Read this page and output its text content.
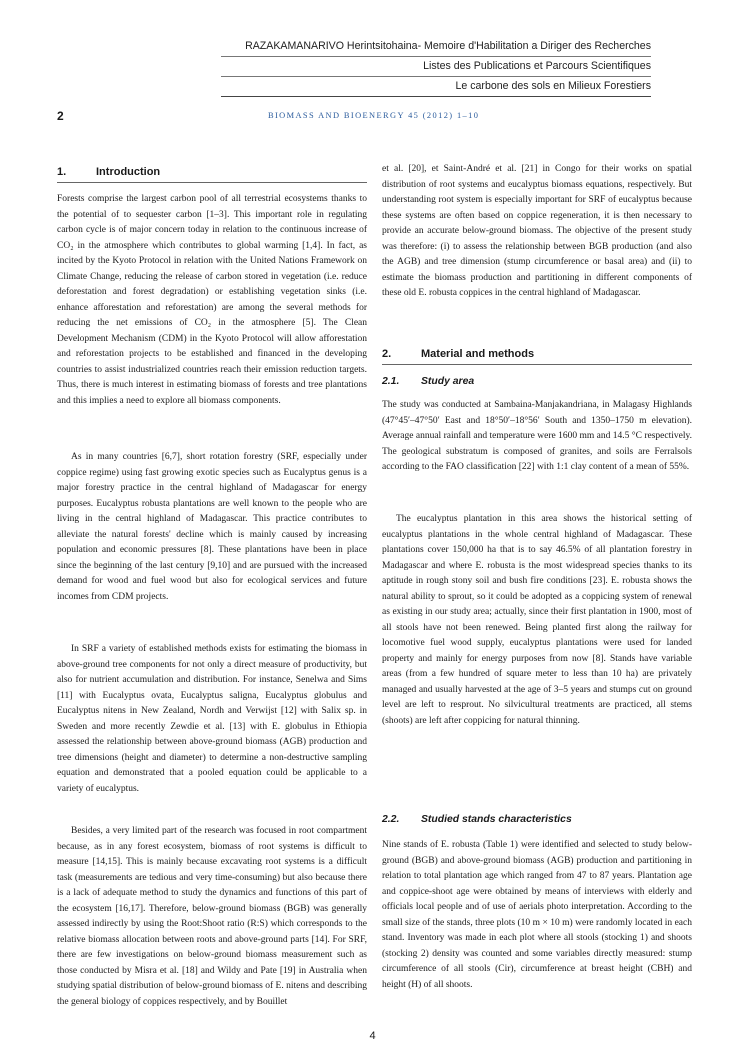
RAZAKAMANARIVO Herintsitohaina- Memoire d'Habilitation a Diriger des Recherches
Listes des Publications et Parcours Scientifiques
Le carbone des sols en Milieux Forestiers
2	BIOMASS AND BIOENERGY 45 (2012) 1–10
1.	Introduction

Forests comprise the largest carbon pool of all terrestrial ecosystems thanks to the potential of to sequester carbon [1–3]. This important role in regulating carbon cycle is of major concern today in relation to the continuous increase of CO₂ in the atmosphere which contributes to global warming [1,4]. In fact, as incited by the Kyoto Protocol in relation with the United Nations Framework on Climate Change, reducing the release of carbon stored in vegetation (i.e. reduce deforestation and forest degradation) or establishing vegetation sinks (i.e. enhance afforestation and reforestation) are among the several methods for reducing the net emissions of CO₂ in the atmosphere [5]. The Clean Development Mechanism (CDM) in the Kyoto Protocol will allow afforestation and reforestation projects to be established and financed in the developing countries to assist industrialized countries reach their emission reduction targets. Thus, there is much interest in estimating biomass of forests and tree plantations and this implies a need to explore all biomass components.

As in many countries [6,7], short rotation forestry (SRF, especially under coppice regime) using fast growing exotic species such as Eucalyptus genus is a major forestry practice in the central highland of Madagascar for energy purposes. Eucalyptus robusta plantations are well known to the people who are living in the central highland of Madagascar. This practice contributes to alleviate the natural forests' decline which is mainly caused by increasing population and economic pressures [8]. These plantations have been in place since the beginning of the last century [9,10] and are pursued with the increased demand for wood and fuel wood but also for ecological services and future incomes from CDM projects.

In SRF a variety of established methods exists for estimating the biomass in above-ground tree components for not only a direct measure of productivity, but also for nutrient accumulation and distribution. For instance, Senelwa and Sims [11] with Eucalyptus ovata, Eucalyptus saligna, Eucalyptus globulus and Eucalyptus nitens in New Zealand, Nordh and Verwijst [12] with Salix sp. in Sweden and more recently Zewdie et al. [13] with E. globulus in Ethiopia assessed the relationship between above-ground biomass (AGB) production and tree dimensions (height and diameter) to determine a non-destructive sampling equation and demonstrated that a pooled equation could be applicable to a variety of eucalyptus.

Besides, a very limited part of the research was focused in root compartment because, as in any forest ecosystem, biomass of root systems is difficult to measure [14,15]. This is mainly because excavating root systems is a difficult task (measurements are tedious and very time-consuming) but also because there is a lack of adequate method to study the dynamics and functions of this part of the ecosystem [16,17]. Therefore, below-ground biomass (BGB) was generally assessed indirectly by using the Root:Shoot ratio (R:S) which corresponds to the relative biomass allocation between roots and above-ground parts [14]. For SRF, there are few investigations on below-ground biomass measurement such as those conducted by Misra et al. [18] and Wildy and Pate [19] in Australia when studying spatial distribution of below-ground biomass of E. nitens and describing the general biology of coppices respectively, and by Bouillet

et al. [20], et Saint-André et al. [21] in Congo for their works on spatial distribution of root systems and eucalyptus biomass equations, respectively. But understanding root system is especially important for SRF of eucalyptus because these systems are often based on coppice regeneration, it is then necessary to provide an accurate below-ground biomass. The objective of the present study was therefore: (i) to assess the relationship between BGB production (and also the AGB) and tree dimension (stump circumference or basal area) and (ii) to estimate the biomass production and partitioning in different components of these old E. robusta coppices in the central highland of Madagascar.

2.	Material and methods
2.1. Study area

The study was conducted at Sambaina-Manjakandriana, in Malagasy Highlands (47°45′–47°50′ East and 18°50′–18°56′ South and 1350–1750 m elevation). Average annual rainfall and temperature were 1600 mm and 14.5 °C respectively. The geological substratum is composed of granites, and soils are Ferralsols according to the FAO classification [22] with 1:1 clay content of a mean of 55%.

The eucalyptus plantation in this area shows the historical setting of eucalyptus plantations in the whole central highland of Madagascar. These plantations cover 150,000 ha that is to say 46.5% of all plantation forestry in Madagascar and where E. robusta is the most widespread species thanks to its aptitude in rough stony soil and bush fire conditions [23]. E. robusta shows the natural ability to sprout, so it could be adopted as a coppicing system of renewal as existing in our study area; actually, since their first plantation in 1900, most of all stools have not been renewed. Being planted first along the railway for locomotive fuel wood supply, eucalyptus plantations were used for landed property and mainly for energy purposes from now [8]. Stands have variable areas (from a few hundred of square meter to less than 10 ha) are privately managed and usually harvested at the age of 3–5 years and stumps cut on ground level are left to resprout. No silvicultural treatments are practiced, all stems (shoots) are left after coppicing for natural thinning.

2.2. Studied stands characteristics

Nine stands of E. robusta (Table 1) were identified and selected to study below-ground (BGB) and above-ground biomass (AGB) production and partitioning in relation to total plantation age which ranged from 47 to 87 years. Plantation age and coppice-shoot age were obtained by means of interviews with elderly and officials local people and of use of aerials photo interpretation. According to the small size of the stands, three plots (10 m × 10 m) were randomly located in each stand. Inventory was made in each plot where all stools (stocking 1) and shoots (stocking 2) density was counted and some variables directly measured: stump circumference of all stools (Cir), circumference at breast height (CBH) and height (H) of all shoots.

4
